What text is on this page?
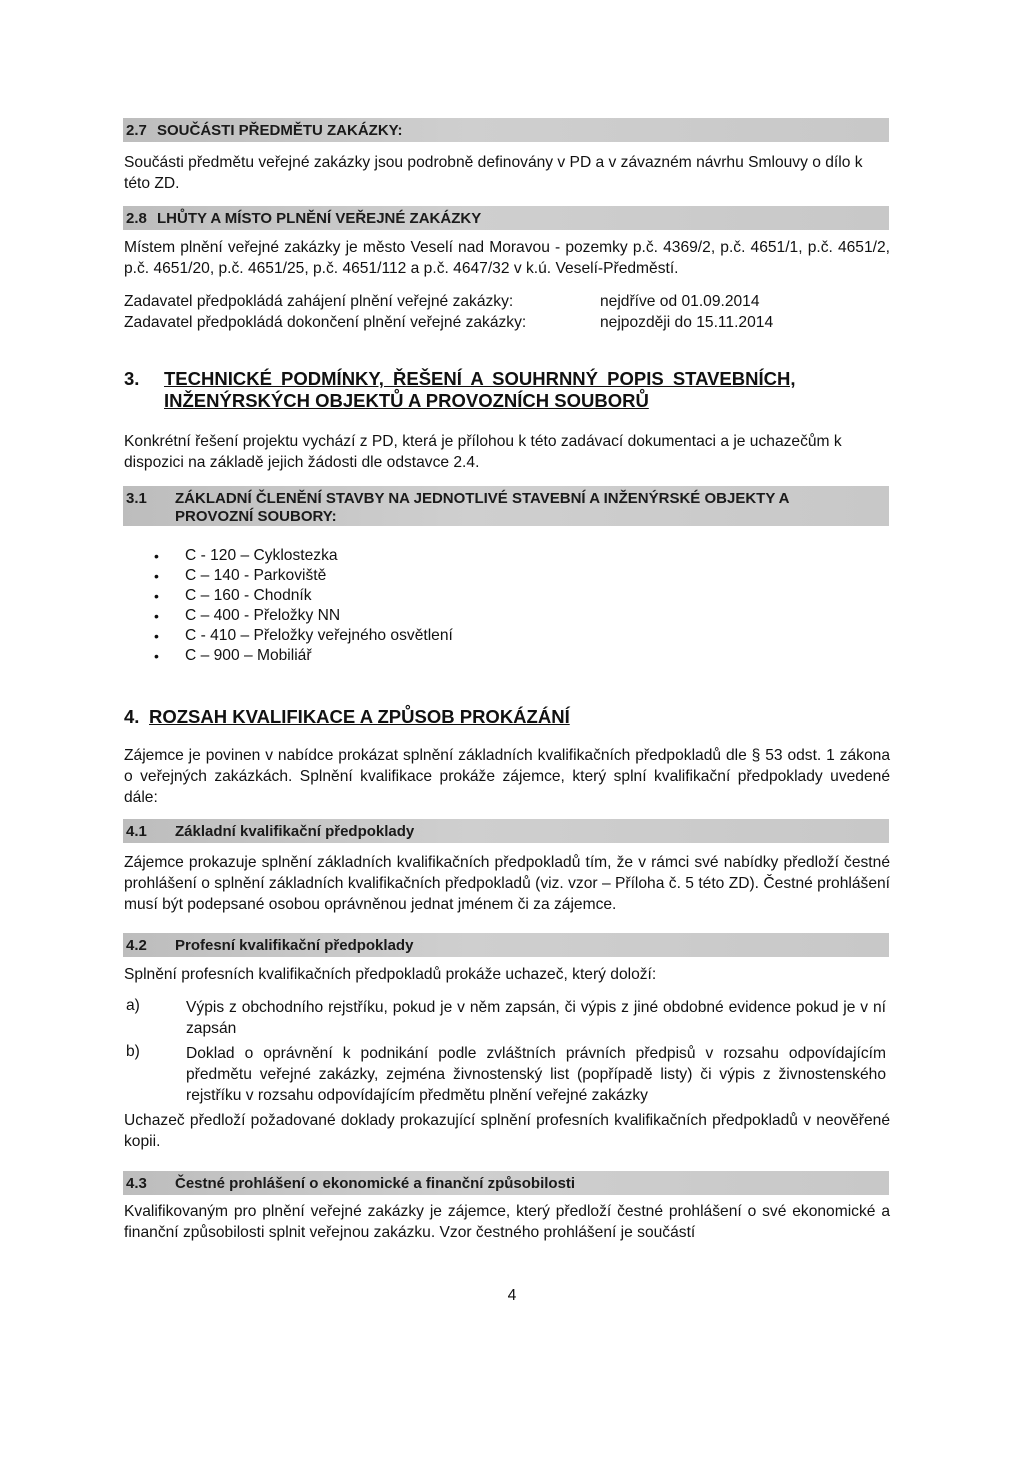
2.7 SOUČÁSTI PŘEDMĚTU ZAKÁZKY:
Součásti předmětu veřejné zakázky jsou podrobně definovány v PD a v závazném návrhu Smlouvy o dílo k této ZD.
2.8 LHŮTY A MÍSTO PLNĚNÍ VEŘEJNÉ ZAKÁZKY
Místem plnění veřejné zakázky je město Veselí nad Moravou - pozemky p.č. 4369/2, p.č. 4651/1, p.č. 4651/2, p.č. 4651/20, p.č. 4651/25, p.č. 4651/112 a p.č. 4647/32 v k.ú. Veselí-Předměstí.
Zadavatel předpokládá zahájení plnění veřejné zakázky:	nejdříve od 01.09.2014
Zadavatel předpokládá dokončení plnění veřejné zakázky:	nejpozději do 15.11.2014
3. TECHNICKÉ PODMÍNKY, ŘEŠENÍ A SOUHRNNÝ POPIS STAVEBNÍCH,
INŽENÝRSKÝCH OBJEKTŮ A PROVOZNÍCH SOUBORŮ
Konkrétní řešení projektu vychází z PD, která je přílohou k této zadávací dokumentaci a je uchazečům k dispozici na základě jejich žádosti dle odstavce 2.4.
3.1 ZÁKLADNÍ ČLENĚNÍ STAVBY NA JEDNOTLIVÉ STAVEBNÍ A INŽENÝRSKÉ OBJEKTY A
PROVOZNÍ SOUBORY:
• C - 120 – Cyklostezka
• C – 140 - Parkoviště
• C – 160 - Chodník
• C – 400 - Přeložky NN
• C - 410 – Přeložky veřejného osvětlení
• C – 900 – Mobiliář
4. ROZSAH KVALIFIKACE A ZPŮSOB PROKÁZÁNÍ
Zájemce je povinen v nabídce prokázat splnění základních kvalifikačních předpokladů dle § 53 odst. 1 zákona o veřejných zakázkách. Splnění kvalifikace prokáže zájemce, který splní kvalifikační předpoklady uvedené dále:
4.1 Základní kvalifikační předpoklady
Zájemce prokazuje splnění základních kvalifikačních předpokladů tím, že v rámci své nabídky předloží čestné prohlášení o splnění základních kvalifikačních předpokladů (viz. vzor – Příloha č. 5 této ZD). Čestné prohlášení musí být podepsané osobou oprávněnou jednat jménem či za zájemce.
4.2 Profesní kvalifikační předpoklady
Splnění profesních kvalifikačních předpokladů prokáže uchazeč, který doloží:
a)	Výpis z obchodního rejstříku, pokud je v něm zapsán, či výpis z jiné obdobné evidence pokud je v ní zapsán
b)	Doklad o oprávnění k podnikání podle zvláštních právních předpisů v rozsahu odpovídajícím předmětu veřejné zakázky, zejména živnostenský list (popřípadě listy) či výpis z živnostenského rejstříku v rozsahu odpovídajícím předmětu plnění veřejné zakázky
Uchazeč předloží požadované doklady prokazující splnění profesních kvalifikačních předpokladů v neověřené kopii.
4.3 Čestné prohlášení o ekonomické a finanční způsobilosti
Kvalifikovaným pro plnění veřejné zakázky je zájemce, který předloží čestné prohlášení o své ekonomické a finanční způsobilosti splnit veřejnou zakázku. Vzor čestného prohlášení je součástí
4
